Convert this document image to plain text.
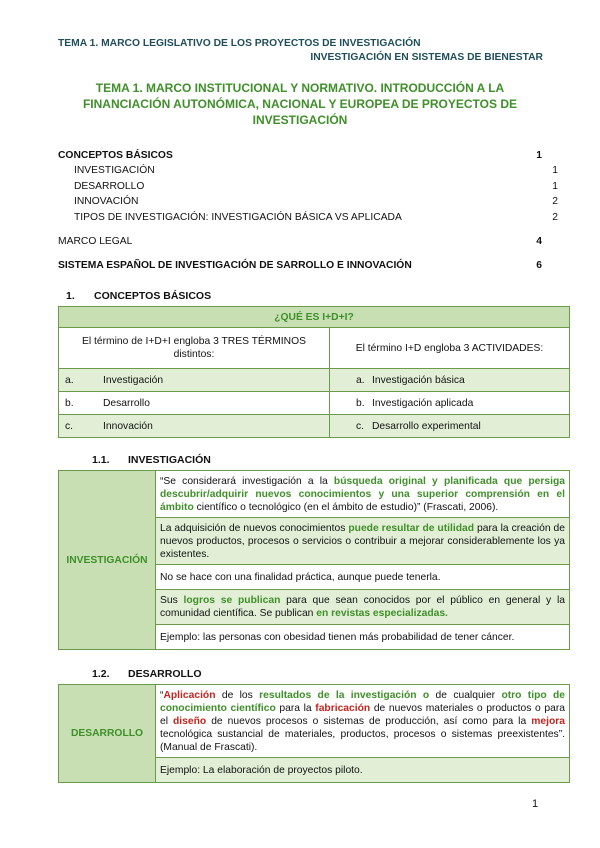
TEMA 1. MARCO LEGISLATIVO DE LOS PROYECTOS DE INVESTIGACIÓN
INVESTIGACIÓN EN SISTEMAS DE BIENESTAR
TEMA 1. MARCO INSTITUCIONAL Y NORMATIVO. INTRODUCCIÓN A LA FINANCIACIÓN AUTONÓMICA, NACIONAL Y EUROPEA DE PROYECTOS DE INVESTIGACIÓN
CONCEPTOS BÁSICOS	1
INVESTIGACIÓN	1
DESARROLLO	1
INNOVACIÓN	2
TIPOS DE INVESTIGACIÓN: INVESTIGACIÓN BÁSICA VS APLICADA	2
MARCO LEGAL	4
SISTEMA ESPAÑOL DE INVESTIGACIÓN DE SARROLLO E INNOVACIÓN	6
1. CONCEPTOS BÁSICOS
¿QUÉ ES I+D+I?	
El término de I+D+I engloba 3 TRES TÉRMINOS distintos:	El término I+D engloba 3 ACTIVIDADES:
a. Investigación	a. Investigación básica
b. Desarrollo	b. Investigación aplicada
c. Innovación	c. Desarrollo experimental
1.1. INVESTIGACIÓN
INVESTIGACIÓN	“Se considerará investigación a la búsqueda original y planificada que persiga descubrir/adquirir nuevos conocimientos y una superior comprensión en el ámbito científico o tecnológico (en el ámbito de estudio)” (Frascati, 2006).
La adquisición de nuevos conocimientos puede resultar de utilidad para la creación de nuevos productos, procesos o servicios o contribuir a mejorar considerablemente los ya existentes.
No se hace con una finalidad práctica, aunque puede tenerla.
Sus logros se publican para que sean conocidos por el público en general y la comunidad científica. Se publican en revistas especializadas.
Ejemplo: las personas con obesidad tienen más probabilidad de tener cáncer.
1.2. DESARROLLO
DESARROLLO	“Aplicación de los resultados de la investigación o de cualquier otro tipo de conocimiento científico para la fabricación de nuevos materiales o productos o para el diseño de nuevos procesos o sistemas de producción, así como para la mejora tecnológica sustancial de materiales, productos, procesos o sistemas preexistentes”. (Manual de Frascati).
Ejemplo: La elaboración de proyectos piloto.
1
